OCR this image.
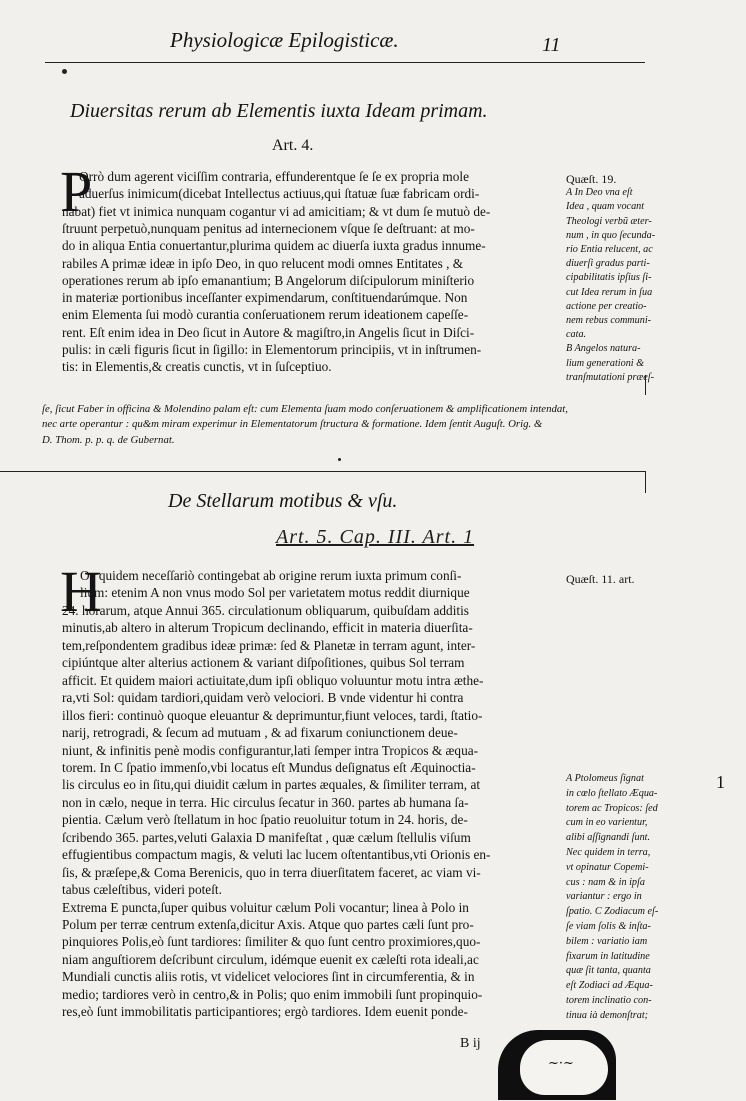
Physiologicæ Epilogisticæ.	11
Diuersitas rerum ab Elementis iuxta Ideam primam.
Art. 4.
P
Orrò dum agerent viciſſim contraria, effunderentque ſe ſe ex propria mole
aduerſus inimicum(dicebat Intellectus actiuus,qui ſtatuæ ſuæ fabricam ordi-
nabat) fiet vt inimica nunquam cogantur vi ad amicitiam; & vt dum ſe mutuò de-
ſtruunt perpetuò,nunquam penitus ad internecionem vſque ſe deſtruant: at mo-
do in aliqua Entia conuertantur,plurima quidem ac diuerſa iuxta gradus innume-
rabiles A primæ ideæ in ipſo Deo, in quo relucent modi omnes Entitates , &
operationes rerum ab ipſo emanantium; B Angelorum diſcipulorum miniſterio
in materiæ portionibus inceſſanter expimendarum, conſtituendarúmque. Non
enim Elementa ſui modò curantia conſeruationem rerum ideationem capeſſe-
rent. Eſt enim idea in Deo ſicut in Autore & magiſtro,in Angelis ſicut in Diſci-
pulis: in cæli figuris ſicut in ſigillo: in Elementorum principiis, vt in inſtrumen-
tis: in Elementis,& creatis cunctis, vt in ſuſceptiuo.
Quæſt. 19.
A In Deo vna eſt
Idea , quam vocant
Theologi verbũ æter-
num , in quo ſecunda-
rio Entia relucent, ac
diuerſi gradus parti-
cipabilitatis ipſius ſi-
cut Idea rerum in ſua
actione per creatio-
nem rebus communi-
cata.
B Angelos natura-
lium generationi &
tranſmutationi præeſ-
ſe, ſicut Faber in officina & Molendino palam eſt: cum Elementa ſuam modo conſeruationem & amplificationem intendat,
nec arte operantur : qu&m miram experimur in Elementatorum ſtructura & formatione. Idem ſentit Auguſt. Orig. &
D. Thom. p. p. q. de Gubernat.
De Stellarum motibus & vſu.
Art. 5. Cap. III. Art. 1
H
Oc quidem neceſſariò contingebat ab origine rerum iuxta primum conſi-
lium: etenim A non vnus modo Sol per varietatem motus reddit diurnique
24. horarum, atque Annui 365. circulationum obliquarum, quibuſdam additis
minutis,ab altero in alterum Tropicum declinando, efficit in materia diuerſita-
tem,reſpondentem gradibus ideæ primæ: ſed & Planetæ in terram agunt, inter-
cipiúntque alter alterius actionem & variant diſpoſitiones, quibus Sol terram
afficit. Et quidem maiori actiuitate,dum ipſi obliquo voluuntur motu intra æthe-
ra,vti Sol: quidam tardiori,quidam verò velociori. B vnde videntur hi contra
illos fieri: continuò quoque eleuantur & deprimuntur,fiunt veloces, tardi, ſtatio-
narij, retrogradi, & ſecum ad mutuam , & ad fixarum coniunctionem deue-
niunt, & infinitis penè modis configurantur,lati ſemper intra Tropicos & æqua-
torem. In C ſpatio immenſo,vbi locatus eſt Mundus deſignatus eſt Æquinoctia-
lis circulus eo in ſitu,qui diuidit cælum in partes æquales, & ſimiliter terram, at
non in cælo, neque in terra. Hic circulus ſecatur in 360. partes ab humana ſa-
pientia. Cælum verò ſtellatum in hoc ſpatio reuoluitur totum in 24. horis, de-
ſcribendo 365. partes,veluti Galaxia D manifeſtat , quæ cælum ſtellulis viſum
effugientibus compactum magis, & veluti lac lucem oſtentantibus,vti Orionis en-
ſis, & præſepe,& Coma Berenicis, quo in terra diuerſitatem faceret, ac viam vi-
tabus cæleſtibus, videri poteſt.
Extrema E puncta,ſuper quibus voluitur cælum Poli vocantur; linea à Polo in
Polum per terræ centrum extenſa,dicitur Axis. Atque quo partes cæli ſunt pro-
pinquiores Polis,eò ſunt tardiores: ſimiliter & quo ſunt centro proximiores,quo-
niam anguſtiorem deſcribunt circulum, idémque euenit ex cæleſti rota ideali,ac
Mundiali cunctis aliis rotis, vt videlicet velociores ſint in circumferentia, & in
medio; tardiores verò in centro,& in Polis; quo enim immobili ſunt propinquio-
res,eò ſunt immobilitatis participantiores; ergò tardiores. Idem euenit ponde-
Quæſt. 11. art.
A Ptolomeus ſignat
in cœlo ſtellato Æqua-
torem ac Tropicos: ſed
cum in eo varientur,
alibi aſſignandi ſunt.
Nec quidem in terra,
vt opinatur Copemi-
cus : nam & in ipſa
variantur : ergo in
ſpatio. C Zodiacum eſ-
ſe viam ſolis & inſta-
bilem : variatio iam
fixarum in latitudine
quæ ſit tanta, quanta
eſt Zodiaci ad Æqua-
torem inclinatio con-
tinua ià demonſtrat;
1
B ij
~·~
